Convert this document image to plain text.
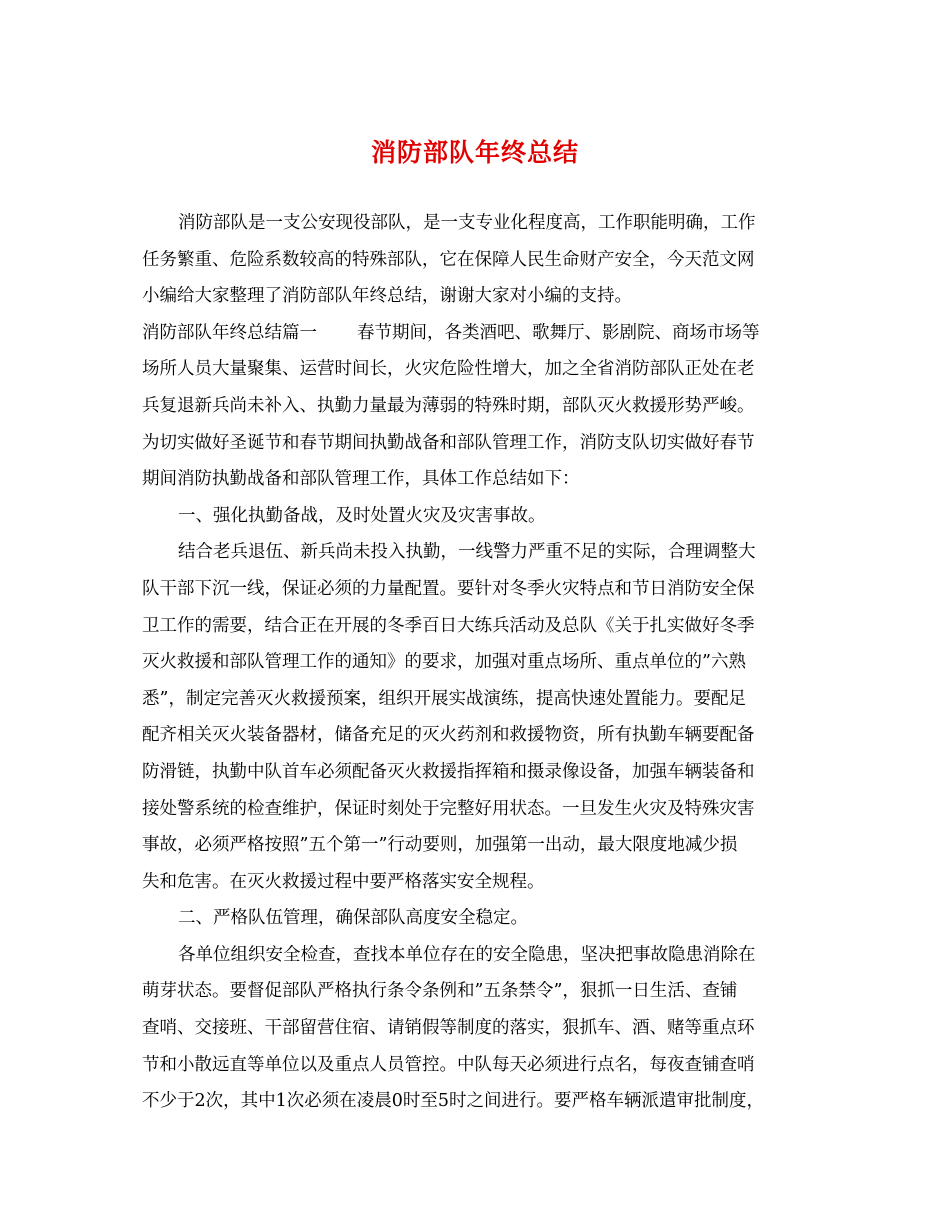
消防部队年终总结
消防部队是一支公安现役部队，是一支专业化程度高，工作职能明确，工作
任务繁重、危险系数较高的特殊部队，它在保障人民生命财产安全，今天范文网
小编给大家整理了消防部队年终总结，谢谢大家对小编的支持。
消防部队年终总结篇一 春节期间，各类酒吧、歌舞厅、影剧院、商场市场等
场所人员大量聚集、运营时间长，火灾危险性增大，加之全省消防部队正处在老
兵复退新兵尚未补入、执勤力量最为薄弱的特殊时期，部队灭火救援形势严峻。
为切实做好圣诞节和春节期间执勤战备和部队管理工作，消防支队切实做好春节
期间消防执勤战备和部队管理工作，具体工作总结如下：
一、强化执勤备战，及时处置火灾及灾害事故。
结合老兵退伍、新兵尚未投入执勤，一线警力严重不足的实际，合理调整大
队干部下沉一线，保证必须的力量配置。要针对冬季火灾特点和节日消防安全保
卫工作的需要，结合正在开展的冬季百日大练兵活动及总队《关于扎实做好冬季
灭火救援和部队管理工作的通知》的要求，加强对重点场所、重点单位的”六熟
悉”，制定完善灭火救援预案，组织开展实战演练，提高快速处置能力。要配足
配齐相关灭火装备器材，储备充足的灭火药剂和救援物资，所有执勤车辆要配备
防滑链，执勤中队首车必须配备灭火救援指挥箱和摄录像设备，加强车辆装备和
接处警系统的检查维护，保证时刻处于完整好用状态。一旦发生火灾及特殊灾害
事故，必须严格按照”五个第一”行动要则，加强第一出动，最大限度地减少损
失和危害。在灭火救援过程中要严格落实安全规程。
二、严格队伍管理，确保部队高度安全稳定。
各单位组织安全检查，查找本单位存在的安全隐患，坚决把事故隐患消除在
萌芽状态。要督促部队严格执行条令条例和”五条禁令”，狠抓一日生活、查铺
查哨、交接班、干部留营住宿、请销假等制度的落实，狠抓车、酒、赌等重点环
节和小散远直等单位以及重点人员管控。中队每天必须进行点名，每夜查铺查哨
不少于2次，其中1次必须在凌晨0时至5时之间进行。要严格车辆派遣审批制度，
